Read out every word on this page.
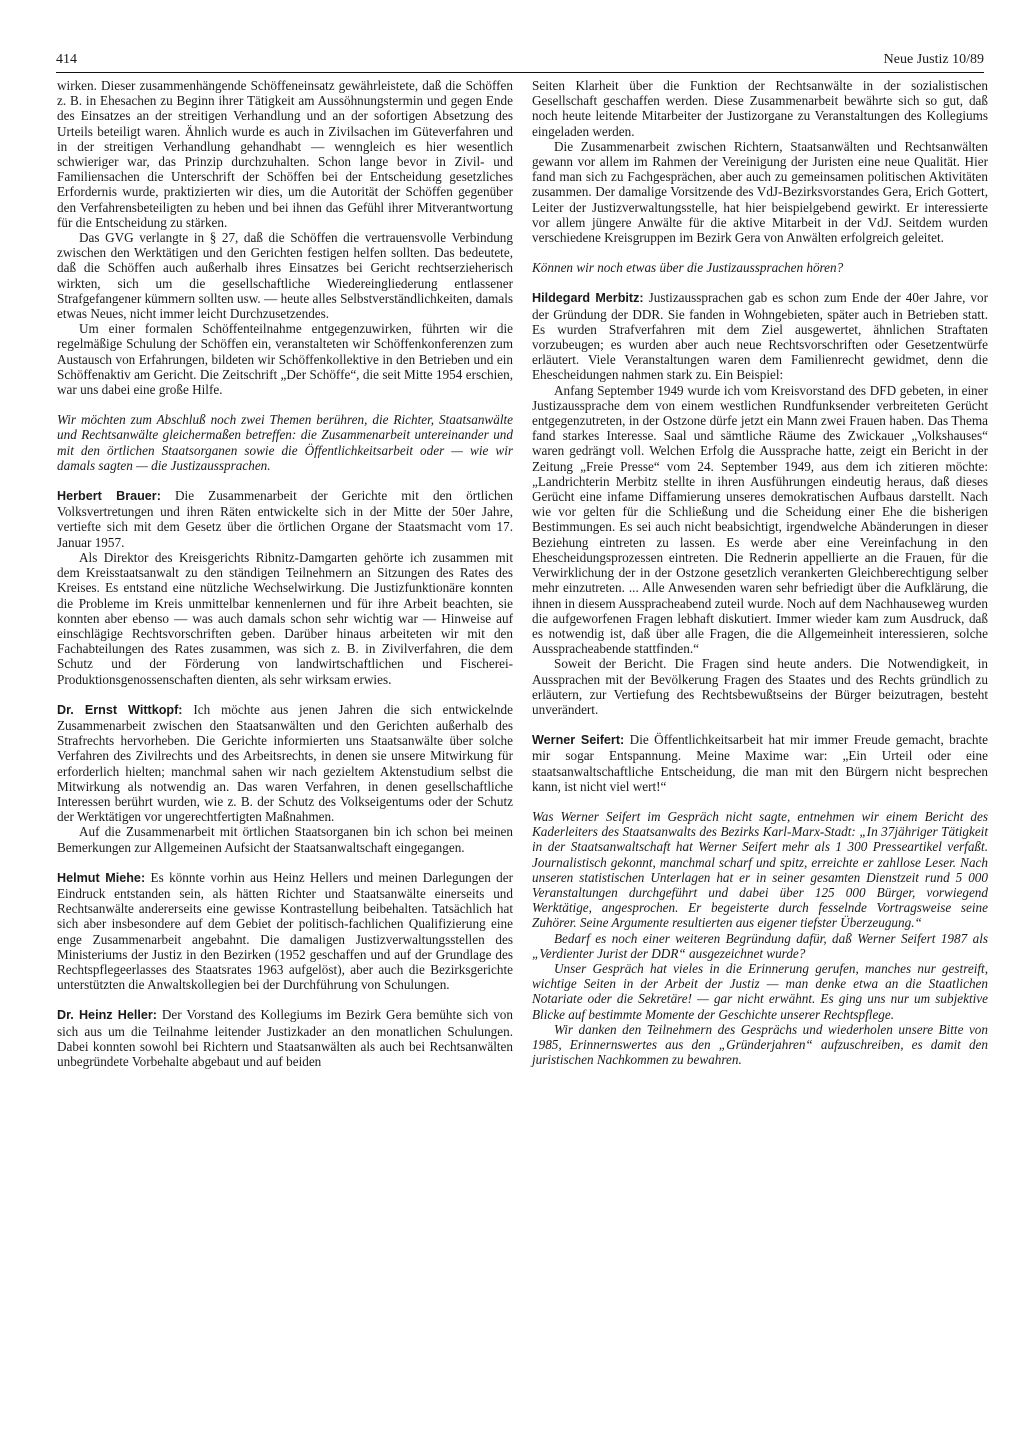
414	Neue Justiz 10/89

wirken. Dieser zusammenhängende Schöffeneinsatz gewährleistete, daß die Schöffen z. B. in Ehesachen zu Beginn ihrer Tätigkeit am Aussöhnungstermin und gegen Ende des Einsatzes an der streitigen Verhandlung und an der sofortigen Absetzung des Urteils beteiligt waren. Ähnlich wurde es auch in Zivilsachen im Güteverfahren und in der streitigen Verhandlung gehandhabt — wenngleich es hier wesentlich schwieriger war, das Prinzip durchzuhalten. Schon lange bevor in Zivil- und Familiensachen die Unterschrift der Schöffen bei der Entscheidung gesetzliches Erfordernis wurde, praktizierten wir dies, um die Autorität der Schöffen gegenüber den Verfahrensbeteiligten zu heben und bei ihnen das Gefühl ihrer Mitverantwortung für die Entscheidung zu stärken.

Das GVG verlangte in § 27, daß die Schöffen die vertrauensvolle Verbindung zwischen den Werktätigen und den Gerichten festigen helfen sollten. Das bedeutete, daß die Schöffen auch außerhalb ihres Einsatzes bei Gericht rechtserzieherisch wirkten, sich um die gesellschaftliche Wiedereingliederung entlassener Strafgefangener kümmern sollten usw. — heute alles Selbstverständlichkeiten, damals etwas Neues, nicht immer leicht Durchzusetzendes.

Um einer formalen Schöffenteilnahme entgegenzuwirken, führten wir die regelmäßige Schulung der Schöffen ein, veranstalteten wir Schöffenkonferenzen zum Austausch von Erfahrungen, bildeten wir Schöffenkollektive in den Betrieben und ein Schöffenaktiv am Gericht. Die Zeitschrift „Der Schöffe“, die seit Mitte 1954 erschien, war uns dabei eine große Hilfe.

Wir möchten zum Abschluß noch zwei Themen berühren, die Richter, Staatsanwälte und Rechtsanwälte gleichermaßen betreffen: die Zusammenarbeit untereinander und mit den örtlichen Staatsorganen sowie die Öffentlichkeitsarbeit oder — wie wir damals sagten — die Justizaussprachen.

Herbert Brauer: Die Zusammenarbeit der Gerichte mit den örtlichen Volksvertretungen und ihren Räten entwickelte sich in der Mitte der 50er Jahre, vertiefte sich mit dem Gesetz über die örtlichen Organe der Staatsmacht vom 17. Januar 1957.

Als Direktor des Kreisgerichts Ribnitz-Damgarten gehörte ich zusammen mit dem Kreisstaatsanwalt zu den ständigen Teilnehmern an Sitzungen des Rates des Kreises. Es entstand eine nützliche Wechselwirkung. Die Justizfunktionäre konnten die Probleme im Kreis unmittelbar kennenlernen und für ihre Arbeit beachten, sie konnten aber ebenso — was auch damals schon sehr wichtig war — Hinweise auf einschlägige Rechtsvorschriften geben. Darüber hinaus arbeiteten wir mit den Fachabteilungen des Rates zusammen, was sich z. B. in Zivilverfahren, die dem Schutz und der Förderung von landwirtschaftlichen und Fischerei-Produktionsgenossenschaften dienten, als sehr wirksam erwies.

Dr. Ernst Wittkopf: Ich möchte aus jenen Jahren die sich entwickelnde Zusammenarbeit zwischen den Staatsanwälten und den Gerichten außerhalb des Strafrechts hervorheben. Die Gerichte informierten uns Staatsanwälte über solche Verfahren des Zivilrechts und des Arbeitsrechts, in denen sie unsere Mitwirkung für erforderlich hielten; manchmal sahen wir nach gezieltem Aktenstudium selbst die Mitwirkung als notwendig an. Das waren Verfahren, in denen gesellschaftliche Interessen berührt wurden, wie z. B. der Schutz des Volkseigentums oder der Schutz der Werktätigen vor ungerechtfertigten Maßnahmen.

Auf die Zusammenarbeit mit örtlichen Staatsorganen bin ich schon bei meinen Bemerkungen zur Allgemeinen Aufsicht der Staatsanwaltschaft eingegangen.

Helmut Miehe: Es könnte vorhin aus Heinz Hellers und meinen Darlegungen der Eindruck entstanden sein, als hätten Richter und Staatsanwälte einerseits und Rechtsanwälte andererseits eine gewisse Kontrastellung beibehalten. Tatsächlich hat sich aber insbesondere auf dem Gebiet der politisch-fachlichen Qualifizierung eine enge Zusammenarbeit angebahnt. Die damaligen Justizverwaltungsstellen des Ministeriums der Justiz in den Bezirken (1952 geschaffen und auf der Grundlage des Rechtspflegeerlasses des Staatsrates 1963 aufgelöst), aber auch die Bezirksgerichte unterstützten die Anwaltskollegien bei der Durchführung von Schulungen.

Dr. Heinz Heller: Der Vorstand des Kollegiums im Bezirk Gera bemühte sich von sich aus um die Teilnahme leitender Justizkader an den monatlichen Schulungen. Dabei konnten sowohl bei Richtern und Staatsanwälten als auch bei Rechtsanwälten unbegründete Vorbehalte abgebaut und auf beiden

Seiten Klarheit über die Funktion der Rechtsanwälte in der sozialistischen Gesellschaft geschaffen werden. Diese Zusammenarbeit bewährte sich so gut, daß noch heute leitende Mitarbeiter der Justizorgane zu Veranstaltungen des Kollegiums eingeladen werden.

Die Zusammenarbeit zwischen Richtern, Staatsanwälten und Rechtsanwälten gewann vor allem im Rahmen der Vereinigung der Juristen eine neue Qualität. Hier fand man sich zu Fachgesprächen, aber auch zu gemeinsamen politischen Aktivitäten zusammen. Der damalige Vorsitzende des VdJ-Bezirksvorstandes Gera, Erich Gottert, Leiter der Justizverwaltungsstelle, hat hier beispielgebend gewirkt. Er interessierte vor allem jüngere Anwälte für die aktive Mitarbeit in der VdJ. Seitdem wurden verschiedene Kreisgruppen im Bezirk Gera von Anwälten erfolgreich geleitet.

Können wir noch etwas über die Justizaussprachen hören?

Hildegard Merbitz: Justizaussprachen gab es schon zum Ende der 40er Jahre, vor der Gründung der DDR. Sie fanden in Wohngebieten, später auch in Betrieben statt. Es wurden Strafverfahren mit dem Ziel ausgewertet, ähnlichen Straftaten vorzubeugen; es wurden aber auch neue Rechtsvorschriften oder Gesetzentwürfe erläutert. Viele Veranstaltungen waren dem Familienrecht gewidmet, denn die Ehescheidungen nahmen stark zu. Ein Beispiel:

Anfang September 1949 wurde ich vom Kreisvorstand des DFD gebeten, in einer Justizaussprache dem von einem westlichen Rundfunksender verbreiteten Gerücht entgegenzutreten, in der Ostzone dürfe jetzt ein Mann zwei Frauen haben. Das Thema fand starkes Interesse. Saal und sämtliche Räume des Zwickauer „Volkshauses“ waren gedrängt voll. Welchen Erfolg die Aussprache hatte, zeigt ein Bericht in der Zeitung „Freie Presse“ vom 24. September 1949, aus dem ich zitieren möchte: „Landrichterin Merbitz stellte in ihren Ausführungen eindeutig heraus, daß dieses Gerücht eine infame Diffamierung unseres demokratischen Aufbaus darstellt. Nach wie vor gelten für die Schließung und die Scheidung einer Ehe die bisherigen Bestimmungen. Es sei auch nicht beabsichtigt, irgendwelche Abänderungen in dieser Beziehung eintreten zu lassen. Es werde aber eine Vereinfachung in den Ehescheidungsprozessen eintreten. Die Rednerin appellierte an die Frauen, für die Verwirklichung der in der Ostzone gesetzlich verankerten Gleichberechtigung selber mehr einzutreten. ... Alle Anwesenden waren sehr befriedigt über die Aufklärung, die ihnen in diesem Ausspracheabend zuteil wurde. Noch auf dem Nachhauseweg wurden die aufgeworfenen Fragen lebhaft diskutiert. Immer wieder kam zum Ausdruck, daß es notwendig ist, daß über alle Fragen, die die Allgemeinheit interessieren, solche Ausspracheabende stattfinden.“

Soweit der Bericht. Die Fragen sind heute anders. Die Notwendigkeit, in Aussprachen mit der Bevölkerung Fragen des Staates und des Rechts gründlich zu erläutern, zur Vertiefung des Rechtsbewußtseins der Bürger beizutragen, besteht unverändert.

Werner Seifert: Die Öffentlichkeitsarbeit hat mir immer Freude gemacht, brachte mir sogar Entspannung. Meine Maxime war: „Ein Urteil oder eine staatsanwaltschaftliche Entscheidung, die man mit den Bürgern nicht besprechen kann, ist nicht viel wert!“

Was Werner Seifert im Gespräch nicht sagte, entnehmen wir einem Bericht des Kaderleiters des Staatsanwalts des Bezirks Karl-Marx-Stadt: „In 37jähriger Tätigkeit in der Staatsanwaltschaft hat Werner Seifert mehr als 1 300 Presseartikel verfaßt. Journalistisch gekonnt, manchmal scharf und spitz, erreichte er zahllose Leser. Nach unseren statistischen Unterlagen hat er in seiner gesamten Dienstzeit rund 5 000 Veranstaltungen durchgeführt und dabei über 125 000 Bürger, vorwiegend Werktätige, angesprochen. Er begeisterte durch fesselnde Vortragsweise seine Zuhörer. Seine Argumente resultierten aus eigener tiefster Überzeugung.“

Bedarf es noch einer weiteren Begründung dafür, daß Werner Seifert 1987 als „Verdienter Jurist der DDR“ ausgezeichnet wurde?

Unser Gespräch hat vieles in die Erinnerung gerufen, manches nur gestreift, wichtige Seiten in der Arbeit der Justiz — man denke etwa an die Staatlichen Notariate oder die Sekretäre! — gar nicht erwähnt. Es ging uns nur um subjektive Blicke auf bestimmte Momente der Geschichte unserer Rechtspflege.

Wir danken den Teilnehmern des Gesprächs und wiederholen unsere Bitte von 1985, Erinnernswertes aus den „Gründerjahren“ aufzuschreiben, es damit den juristischen Nachkommen zu bewahren.
